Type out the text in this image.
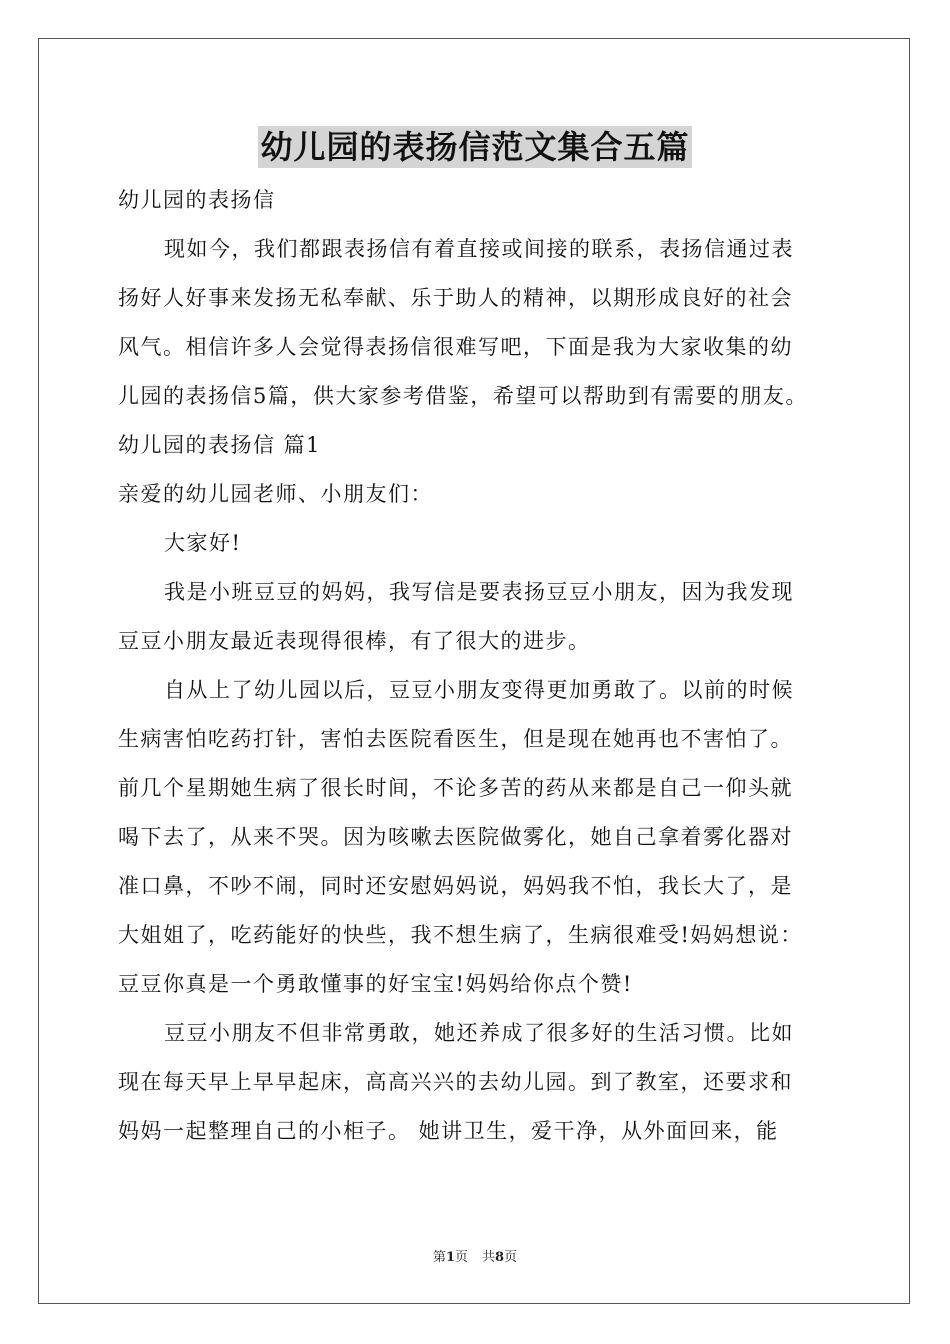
幼儿园的表扬信范文集合五篇
幼儿园的表扬信
现如今，我们都跟表扬信有着直接或间接的联系，表扬信通过表
扬好人好事来发扬无私奉献、乐于助人的精神，以期形成良好的社会
风气。相信许多人会觉得表扬信很难写吧，下面是我为大家收集的幼
儿园的表扬信5篇，供大家参考借鉴，希望可以帮助到有需要的朋友。
幼儿园的表扬信 篇1
亲爱的幼儿园老师、小朋友们：
大家好!
我是小班豆豆的妈妈，我写信是要表扬豆豆小朋友，因为我发现
豆豆小朋友最近表现得很棒，有了很大的进步。
自从上了幼儿园以后，豆豆小朋友变得更加勇敢了。以前的时候
生病害怕吃药打针，害怕去医院看医生，但是现在她再也不害怕了。
前几个星期她生病了很长时间，不论多苦的药从来都是自己一仰头就
喝下去了，从来不哭。因为咳嗽去医院做雾化，她自己拿着雾化器对
准口鼻，不吵不闹，同时还安慰妈妈说，妈妈我不怕，我长大了，是
大姐姐了，吃药能好的快些，我不想生病了，生病很难受!妈妈想说：
豆豆你真是一个勇敢懂事的好宝宝!妈妈给你点个赞!
豆豆小朋友不但非常勇敢，她还养成了很多好的生活习惯。比如
现在每天早上早早起床，高高兴兴的去幼儿园。到了教室，还要求和
妈妈一起整理自己的小柜子。 她讲卫生，爱干净，从外面回来，能
第1页 共8页
